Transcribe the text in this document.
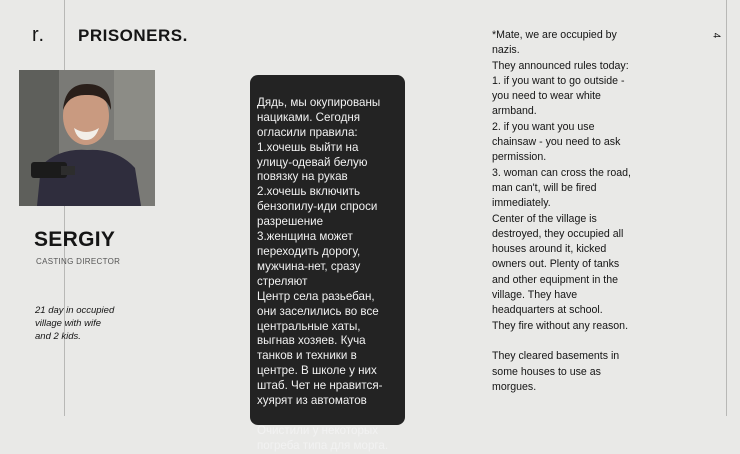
r. PRISONERS.	4
SERGIY
CASTING DIRECTOR
21 day in occupied
village with wife
and 2 kids.

Дядь, мы окупированы
нациками. Сегодня
огласили правила:
1.хочешь выйти на
улицу-одевай белую
повязку на рукав
2.хочешь включить
бензопилу-иди спроси
разрешение
3.женщина может
переходить дорогу,
мужчина-нет, сразу
стреляют
Центр села разьебан,
они заселились во все
центральные хаты,
выгнав хозяев. Куча
танков и техники в
центре. В школе у них
штаб. Чет не нравится-
хуярят из автоматов

Очистили у некоторых
погреба типа для морга.

*Mate, we are occupied by
nazis.
They announced rules today:
1. if you want to go outside -
you need to wear white
armband.
2. if you want you use
chainsaw - you need to ask
permission.
3. woman can cross the road,
man can't, will be fired
immediately.
Center of the village is
destroyed, they occupied all
houses around it, kicked
owners out. Plenty of tanks
and other equipment in the
village. They have
headquarters at school.
They fire without any reason.

They cleared basements in
some houses to use as
morgues.
